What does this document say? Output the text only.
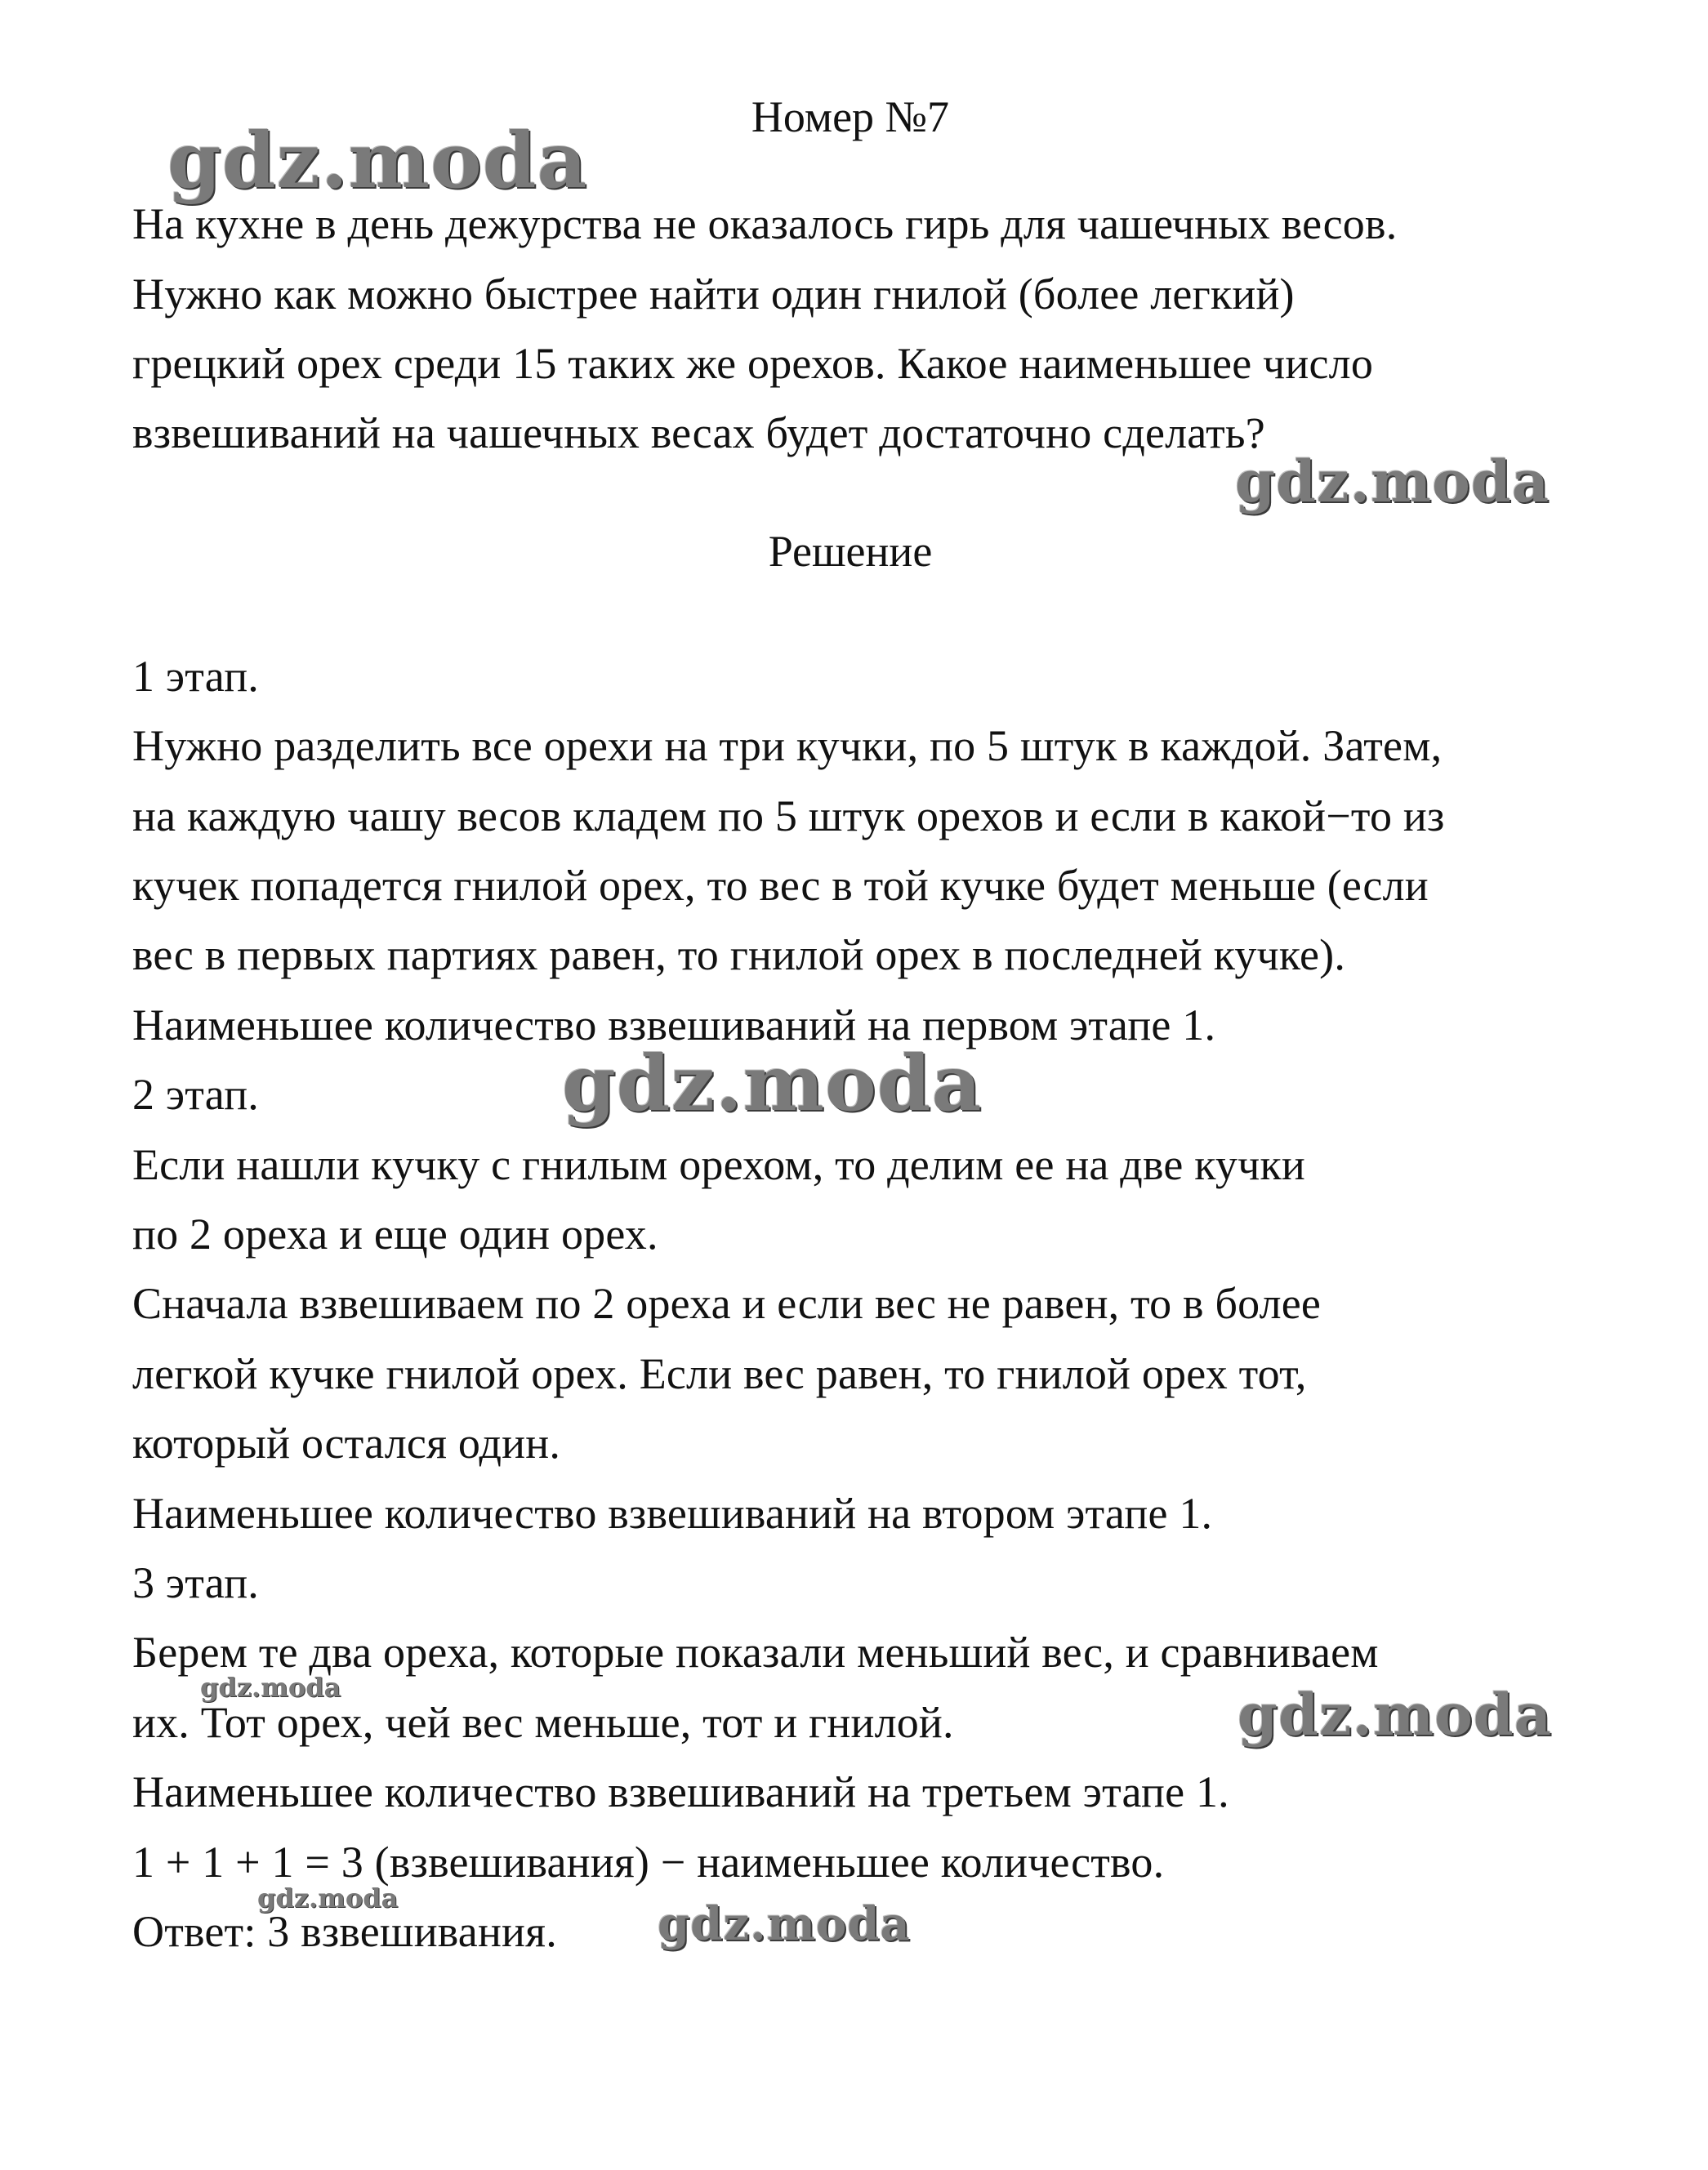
Номер №7
На кухне в день дежурства не оказалось гирь для чашечных весов.
Нужно как можно быстрее найти один гнилой (более легкий)
грецкий орех среди 15 таких же орехов. Какое наименьшее число
взвешиваний на чашечных весах будет достаточно сделать?
Решение
1 этап.
Нужно разделить все орехи на три кучки, по 5 штук в каждой. Затем,
на каждую чашу весов кладем по 5 штук орехов и если в какой−то из
кучек попадется гнилой орех, то вес в той кучке будет меньше (если
вес в первых партиях равен, то гнилой орех в последней кучке).
Наименьшее количество взвешиваний на первом этапе 1.
2 этап.
Если нашли кучку с гнилым орехом, то делим ее на две кучки
по 2 ореха и еще один орех.
Сначала взвешиваем по 2 ореха и если вес не равен, то в более
легкой кучке гнилой орех. Если вес равен, то гнилой орех тот,
который остался один.
Наименьшее количество взвешиваний на втором этапе 1.
3 этап.
Берем те два ореха, которые показали меньший вес, и сравниваем
их. Тот орех, чей вес меньше, тот и гнилой.
Наименьшее количество взвешиваний на третьем этапе 1.
1 + 1 + 1 = 3 (взвешивания) − наименьшее количество.
Ответ: 3 взвешивания.
gdz.moda
gdz.moda
gdz.moda
gdz.moda	gdz.moda
gdz.moda	gdz.moda
